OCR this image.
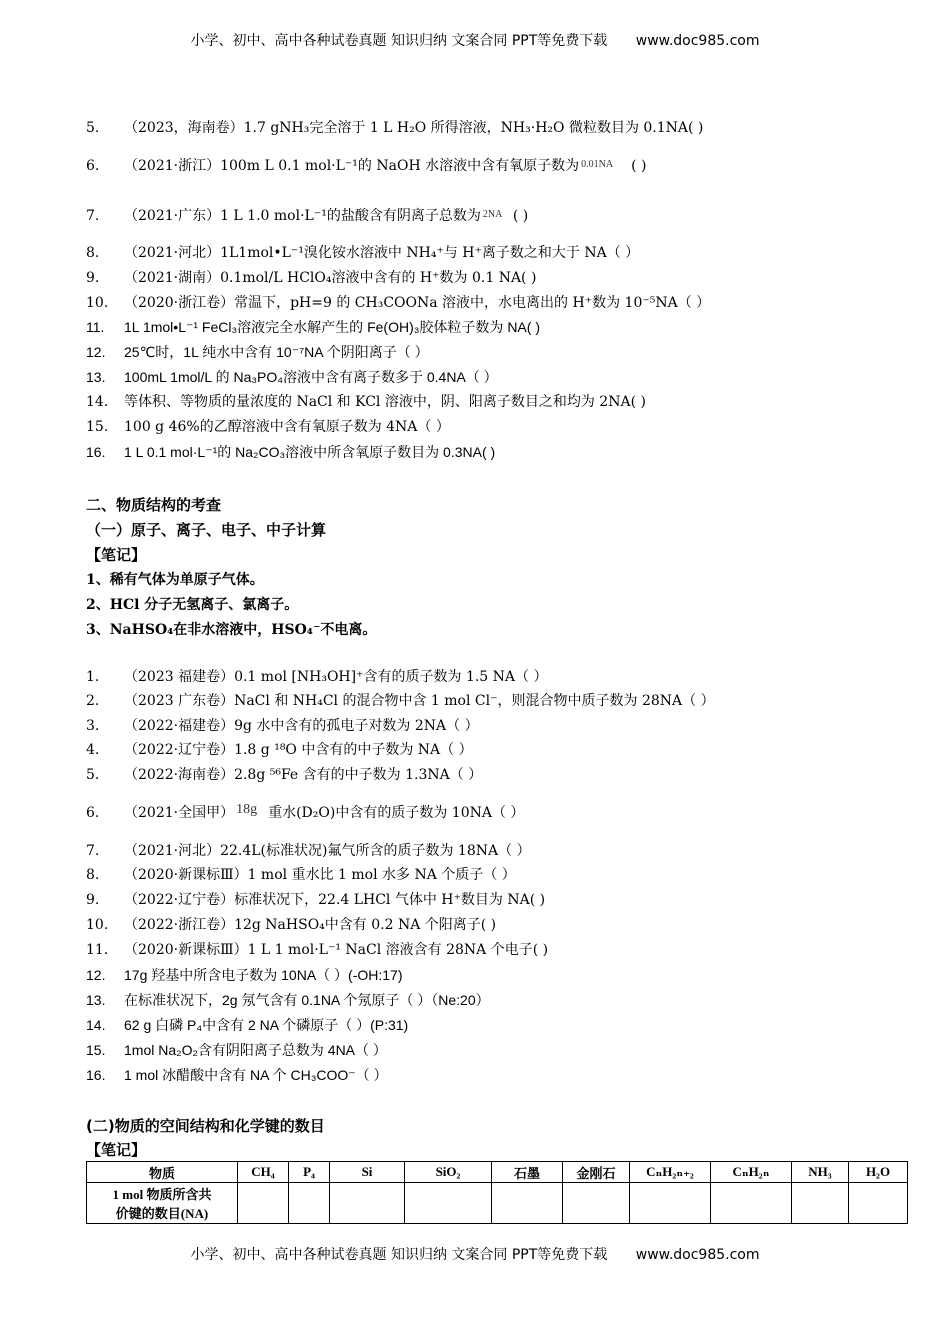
小学、初中、高中各种试卷真题 知识归纳 文案合同 PPT等免费下载 www.doc985.com
5. （2023，海南卷）1.7 gNH₃完全溶于 1 L H₂O 所得溶液，NH₃·H₂O 微粒数目为 0.1NA( )
6. （2021·浙江）100m L 0.1 mol·L⁻¹的 NaOH 水溶液中含有氧原子数为 0.01NA ( )
7. （2021·广东）1 L 1.0 mol·L⁻¹的盐酸含有阴离子总数为 2NA ( )
8. （2021·河北）1L1mol•L⁻¹溴化铵水溶液中 NH₄⁺与 H⁺离子数之和大于 NA（ ）
9. （2021·湖南）0.1mol/L HClO₄溶液中含有的 H⁺数为 0.1 NA( )
10. （2020·浙江卷）常温下，pH=9 的 CH₃COONa 溶液中，水电离出的 H⁺数为 10⁻⁵NA（ ）
11. 1L 1mol•L⁻¹ FeCl₃溶液完全水解产生的 Fe(OH)₃胶体粒子数为 NA( )
12. 25℃时，1L 纯水中含有 10⁻⁷NA 个阴阳离子（ ）
13. 100mL 1mol/L 的 Na₃PO₄溶液中含有离子数多于 0.4NA（ ）
14. 等体积、等物质的量浓度的 NaCl 和 KCl 溶液中，阴、阳离子数目之和均为 2NA( )
15. 100 g 46%的乙醇溶液中含有氧原子数为 4NA（ ）
16. 1 L 0.1 mol·L⁻¹的 Na₂CO₃溶液中所含氧原子数目为 0.3NA( )
二、物质结构的考查
（一）原子、离子、电子、中子计算
【笔记】
1、稀有气体为单原子气体。
2、HCl 分子无氢离子、氯离子。
3、NaHSO₄在非水溶液中，HSO₄⁻不电离。
1. （2023 福建卷）0.1 mol [NH₃OH]⁺含有的质子数为 1.5 NA（ ）
2. （2023 广东卷）NaCl 和 NH₄Cl 的混合物中含 1 mol Cl⁻，则混合物中质子数为 28NA（ ）
3. （2022·福建卷）9g 水中含有的孤电子对数为 2NA（ ）
4. （2022·辽宁卷）1.8 g ¹⁸O 中含有的中子数为 NA（ ）
5. （2022·海南卷）2.8g ⁵⁶Fe 含有的中子数为 1.3NA（ ）
6. （2021·全国甲） 18g 重水(D₂O)中含有的质子数为 10NA（ ）
7. （2021·河北）22.4L(标准状况)氟气所含的质子数为 18NA（ ）
8. （2020·新课标Ⅲ）1 mol 重水比 1 mol 水多 NA 个质子（ ）
9. （2022·辽宁卷）标准状况下，22.4 LHCl 气体中 H⁺数目为 NA( )
10. （2022·浙江卷）12g NaHSO₄中含有 0.2 NA 个阳离子( )
11. （2020·新课标Ⅲ）1 L 1 mol·L⁻¹ NaCl 溶液含有 28NA 个电子( )
12. 17g 羟基中所含电子数为 10NA（ ）(-OH:17)
13. 在标准状况下，2g 氖气含有 0.1NA 个氖原子（ ）（Ne:20）
14. 62 g 白磷 P₄中含有 2 NA 个磷原子（ ）(P:31)
15. 1mol Na₂O₂含有阴阳离子总数为 4NA（ ）
16. 1 mol 冰醋酸中含有 NA 个 CH₃COO⁻（ ）
(二)物质的空间结构和化学键的数目
【笔记】
物质	CH₄	P₄	Si	SiO₂	石墨	金刚石	CₙH₂ₙ₊₂	CₙH₂ₙ	NH₃	H₂O

1 mol 物质所含共
价键的数目(NA)										

小学、初中、高中各种试卷真题 知识归纳 文案合同 PPT等免费下载 www.doc985.com
